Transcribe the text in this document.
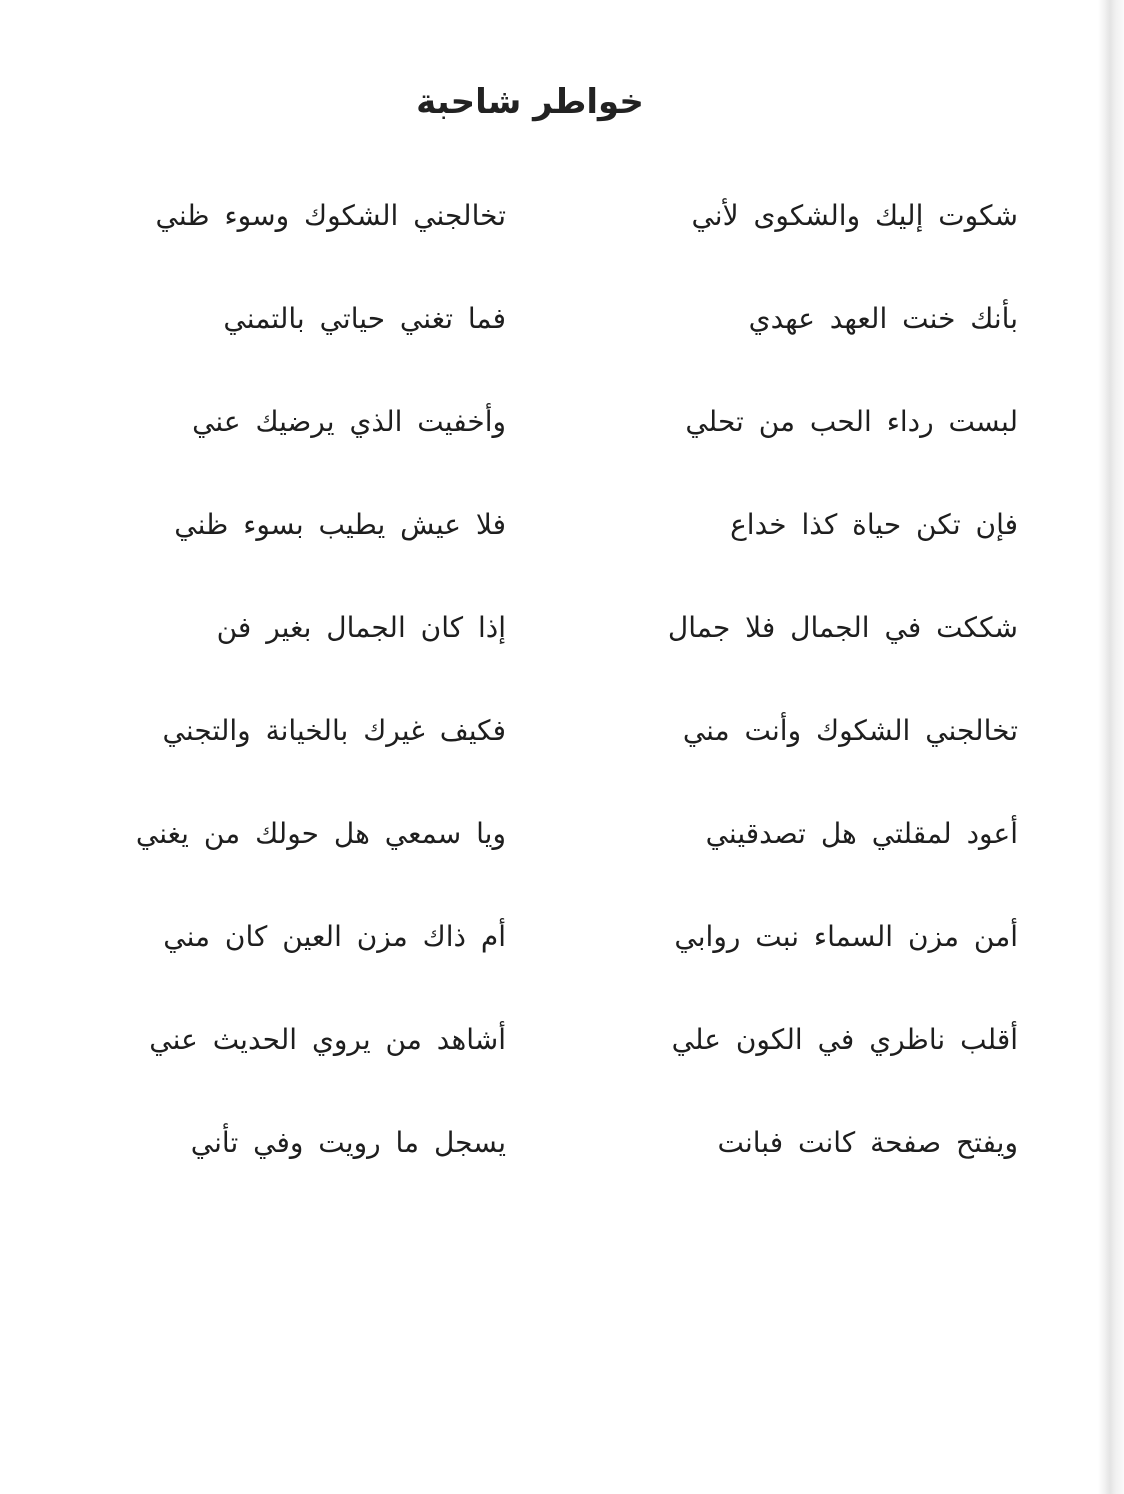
خواطر شاحبة
شكوت إليك والشكوى لأني
تخالجني الشكوك وسوء ظني
بأنك خنت العهد عهدي
فما تغني حياتي بالتمني
لبست رداء الحب من تحلي
وأخفيت الذي يرضيك عني
فإن تكن حياة كذا خداع
فلا عيش يطيب بسوء ظني
شككت في الجمال فلا جمال
إذا كان الجمال بغير فن
تخالجني الشكوك وأنت مني
فكيف غيرك بالخيانة والتجني
أعود لمقلتي هل تصدقيني
ويا سمعي هل حولك من يغني
أمن مزن السماء نبت روابي
أم ذاك مزن العين كان مني
أقلب ناظري في الكون علي
أشاهد من يروي الحديث عني
ويفتح صفحة كانت فبانت
يسجل ما رويت وفي تأني
